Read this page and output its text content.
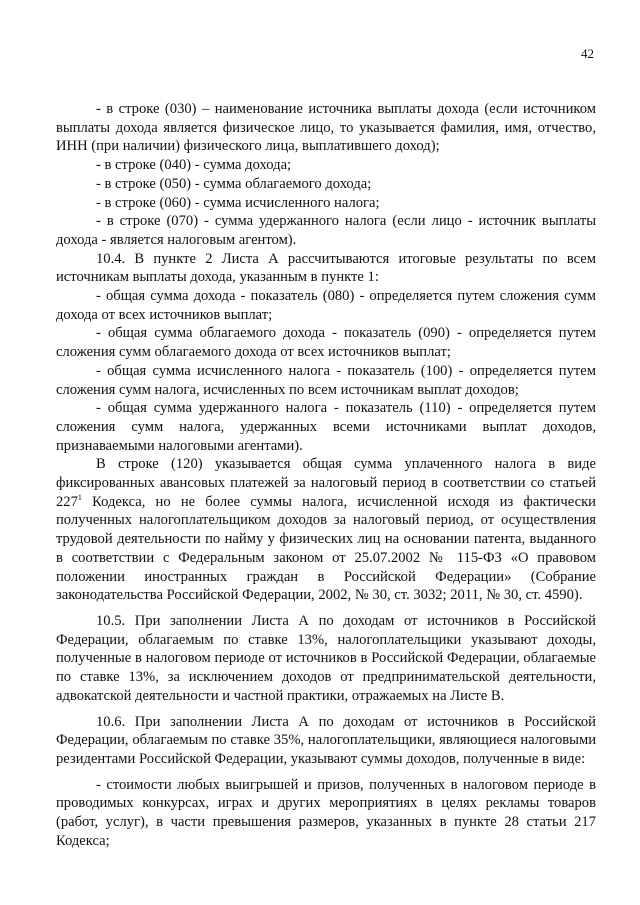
42

- в строке (030) – наименование источника выплаты дохода (если источником выплаты дохода является физическое лицо, то указывается фамилия, имя, отчество, ИНН (при наличии) физического лица, выплатившего доход);

- в строке (040) - сумма дохода;

- в строке (050) - сумма облагаемого дохода;

- в строке (060) - сумма исчисленного налога;

- в строке (070) - сумма удержанного налога (если лицо - источник выплаты дохода - является налоговым агентом).

10.4. В пункте 2 Листа А рассчитываются итоговые результаты по всем источникам выплаты дохода, указанным в пункте 1:

- общая сумма дохода - показатель (080) - определяется путем сложения сумм дохода от всех источников выплат;

- общая сумма облагаемого дохода - показатель (090) - определяется путем сложения сумм облагаемого дохода от всех источников выплат;

- общая сумма исчисленного налога - показатель (100) - определяется путем сложения сумм налога, исчисленных по всем источникам выплат доходов;

- общая сумма удержанного налога - показатель (110) - определяется путем сложения сумм налога, удержанных всеми источниками выплат доходов, признаваемыми налоговыми агентами).

В строке (120) указывается общая сумма уплаченного налога в виде фиксированных авансовых платежей за налоговый период в соответствии со статьей $227^1$ Кодекса, но не более суммы налога, исчисленной исходя из фактически полученных налогоплательщиком доходов за налоговый период, от осуществления трудовой деятельности по найму у физических лиц на основании патента, выданного в соответствии с Федеральным законом от 25.07.2002 № 115-ФЗ «О правовом положении иностранных граждан в Российской Федерации» (Собрание законодательства Российской Федерации, 2002, № 30, ст. 3032; 2011, № 30, ст. 4590).

10.5. При заполнении Листа А по доходам от источников в Российской Федерации, облагаемым по ставке 13%, налогоплательщики указывают доходы, полученные в налоговом периоде от источников в Российской Федерации, облагаемые по ставке 13%, за исключением доходов от предпринимательской деятельности, адвокатской деятельности и частной практики, отражаемых на Листе В.

10.6. При заполнении Листа А по доходам от источников в Российской Федерации, облагаемым по ставке 35%, налогоплательщики, являющиеся налоговыми резидентами Российской Федерации, указывают суммы доходов, полученные в виде:

- стоимости любых выигрышей и призов, полученных в налоговом периоде в проводимых конкурсах, играх и других мероприятиях в целях рекламы товаров (работ, услуг), в части превышения размеров, указанных в пункте 28 статьи 217 Кодекса;
